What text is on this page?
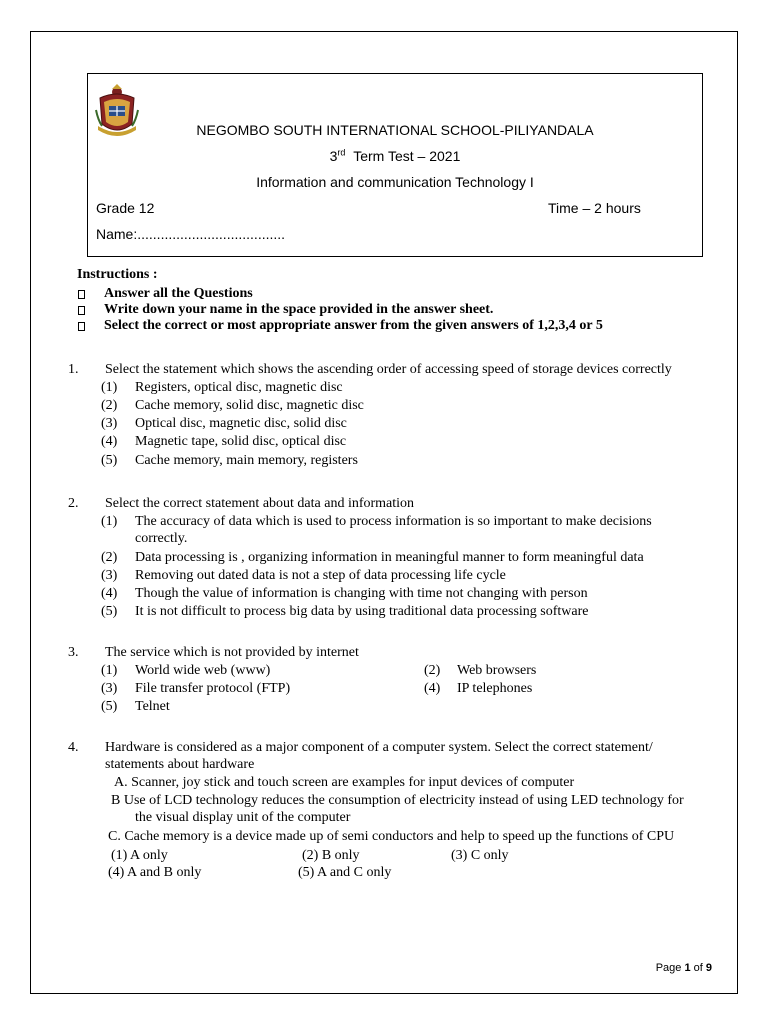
NEGOMBO SOUTH INTERNATIONAL SCHOOL-PILIYANDALA
3rd Term Test – 2021
Information and communication Technology I
Grade 12	Time – 2 hours
Name:......................................
Instructions :
Answer all the Questions
Write down your name in the space provided in the answer sheet.
Select the correct or most appropriate answer from the given answers of 1,2,3,4 or 5
1. Select the statement which shows the ascending order of accessing speed of storage devices correctly
(1) Registers, optical disc, magnetic disc
(2) Cache memory, solid disc, magnetic disc
(3) Optical disc, magnetic disc, solid disc
(4) Magnetic tape, solid disc, optical disc
(5) Cache memory, main memory, registers
2. Select the correct statement about data and information
(1) The accuracy of data which is used to process information is so important to make decisions
correctly.
(2) Data processing is , organizing information in meaningful manner to form meaningful data
(3) Removing out dated data is not a step of data processing life cycle
(4) Though the value of information is changing with time not changing with person
(5) It is not difficult to process big data by using traditional data processing software
3. The service which is not provided by internet
(1) World wide web (www)	(2) Web browsers
(3) File transfer protocol (FTP)	(4) IP telephones
(5) Telnet
4. Hardware is considered as a major component of a computer system. Select the correct statement/
statements about hardware
A. Scanner, joy stick and touch screen are examples for input devices of computer
B Use of LCD technology reduces the consumption of electricity instead of using LED technology for
the visual display unit of the computer
C. Cache memory is a device made up of semi conductors and help to speed up the functions of CPU
(1) A only	(2) B only	(3) C only
(4) A and B only	(5) A and C only
Page 1 of 9
